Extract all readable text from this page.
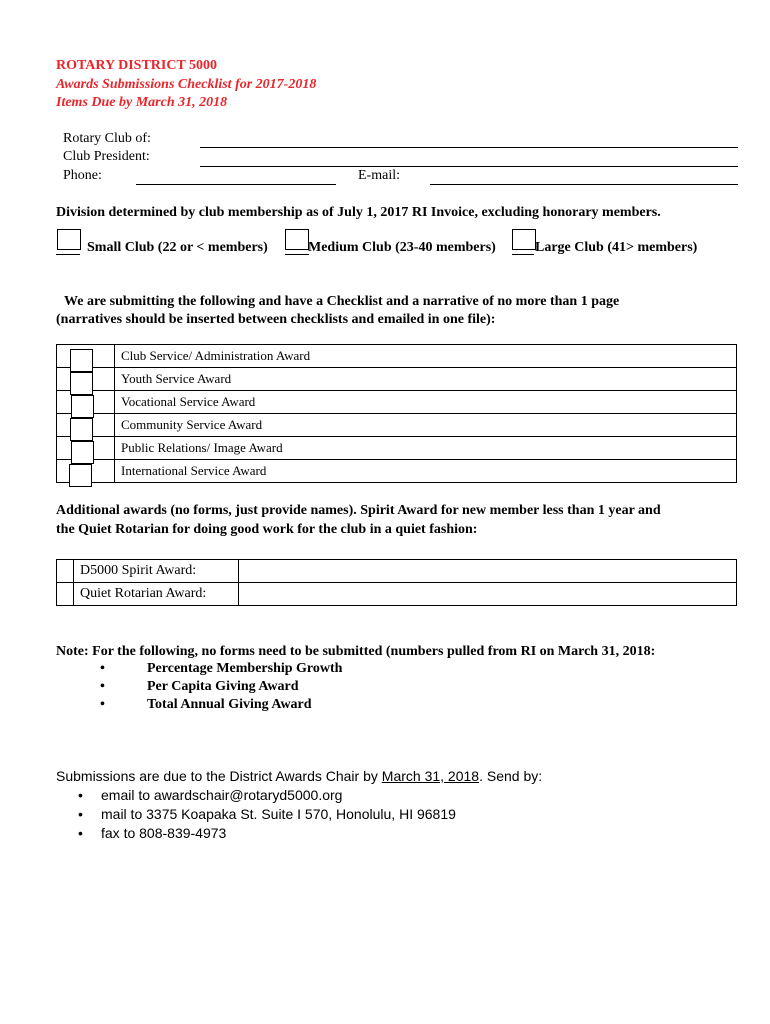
ROTARY DISTRICT 5000
Awards Submissions Checklist for 2017-2018
Items Due by March 31, 2018
Rotary Club of:
Club President:
Phone:	E-mail:
Division determined by club membership as of July 1, 2017 RI Invoice, excluding honorary members.
Small Club (22 or < members)	Medium Club (23-40 members)	Large Club (41> members)
We are submitting the following and have a Checklist and a narrative of no more than 1 page
(narratives should be inserted between checklists and emailed in one file):
	Club Service/ Administration Award

	Youth Service Award

	Vocational Service Award

	Community Service Award

	Public Relations/ Image Award

	International Service Award
Additional awards (no forms, just provide names). Spirit Award for new member less than 1 year and
the Quiet Rotarian for doing good work for the club in a quiet fashion:
	D5000 Spirit Award:	
	Quiet Rotarian Award:	
Note: For the following, no forms need to be submitted (numbers pulled from RI on March 31, 2018:
•	Percentage Membership Growth
•	Per Capita Giving Award
•	Total Annual Giving Award
Submissions are due to the District Awards Chair by March 31, 2018. Send by:
• email to awardschair@rotaryd5000.org
• mail to 3375 Koapaka St. Suite I 570, Honolulu, HI 96819
• fax to 808-839-4973
